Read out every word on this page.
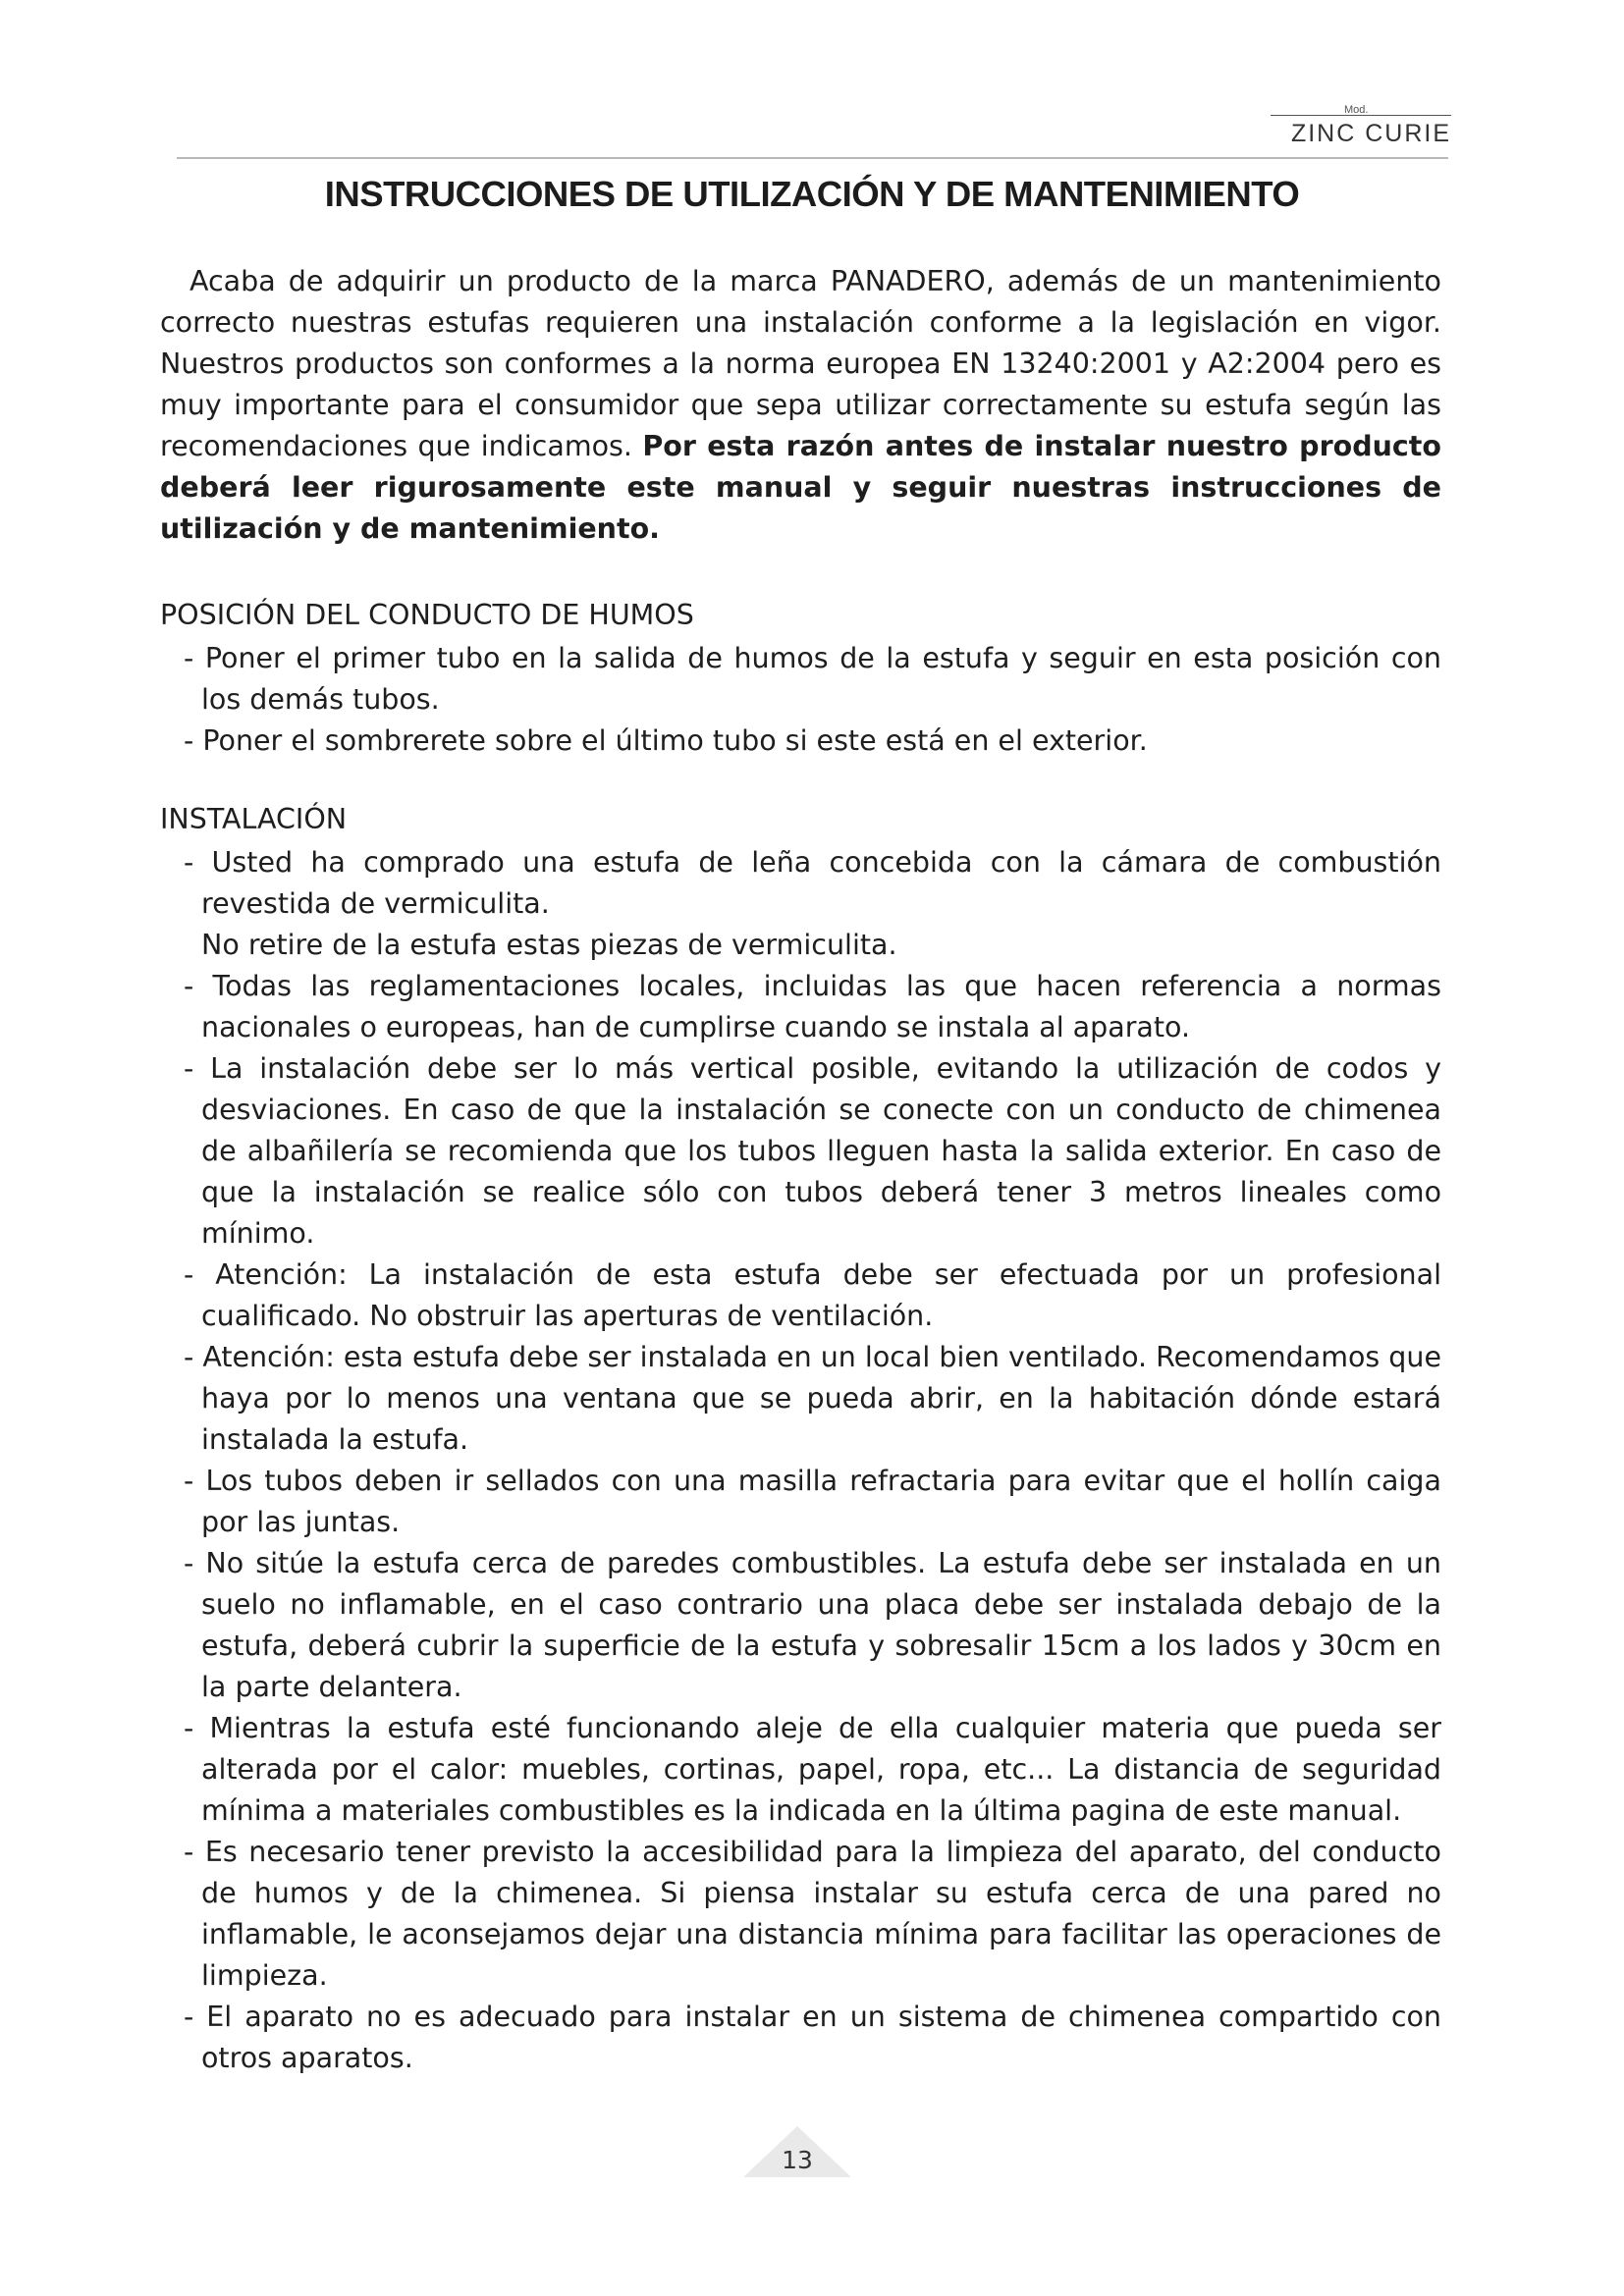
Mod.
ZINC CURIE
INSTRUCCIONES DE UTILIZACIÓN Y DE MANTENIMIENTO

Acaba de adquirir un producto de la marca PANADERO, además de un mantenimiento correcto nuestras estufas requieren una instalación conforme a la legislación en vigor. Nuestros productos son conformes a la norma europea EN 13240:2001 y A2:2004 pero es muy importante para el consumidor que sepa utilizar correctamente su estufa según las recomendaciones que indicamos. Por esta razón antes de instalar nuestro producto deberá leer rigurosamente este manual y seguir nuestras instrucciones de utilización y de mantenimiento.

POSICIÓN DEL CONDUCTO DE HUMOS
- Poner el primer tubo en la salida de humos de la estufa y seguir en esta posición con los demás tubos.
- Poner el sombrerete sobre el último tubo si este está en el exterior.
INSTALACIÓN
- Usted ha comprado una estufa de leña concebida con la cámara de combustión revestida de vermiculita.
No retire de la estufa estas piezas de vermiculita.
- Todas las reglamentaciones locales, incluidas las que hacen referencia a normas nacionales o europeas, han de cumplirse cuando se instala al aparato.
- La instalación debe ser lo más vertical posible, evitando la utilización de codos y desviaciones. En caso de que la instalación se conecte con un conducto de chimenea de albañilería se recomienda que los tubos lleguen hasta la salida exterior. En caso de que la instalación se realice sólo con tubos deberá tener 3 metros lineales como mínimo.
- Atención: La instalación de esta estufa debe ser efectuada por un profesional cualificado. No obstruir las aperturas de ventilación.
- Atención: esta estufa debe ser instalada en un local bien ventilado. Recomendamos que haya por lo menos una ventana que se pueda abrir, en la habitación dónde estará instalada la estufa.
- Los tubos deben ir sellados con una masilla refractaria para evitar que el hollín caiga por las juntas.
- No sitúe la estufa cerca de paredes combustibles. La estufa debe ser instalada en un suelo no inflamable, en el caso contrario una placa debe ser instalada debajo de la estufa, deberá cubrir la superficie de la estufa y sobresalir 15cm a los lados y 30cm en la parte delantera.
- Mientras la estufa esté funcionando aleje de ella cualquier materia que pueda ser alterada por el calor: muebles, cortinas, papel, ropa, etc... La distancia de seguridad mínima a materiales combustibles es la indicada en la última pagina de este manual.
- Es necesario tener previsto la accesibilidad para la limpieza del aparato, del conducto de humos y de la chimenea. Si piensa instalar su estufa cerca de una pared no inflamable, le aconsejamos dejar una distancia mínima para facilitar las operaciones de limpieza.
- El aparato no es adecuado para instalar en un sistema de chimenea compartido con otros aparatos.
13
